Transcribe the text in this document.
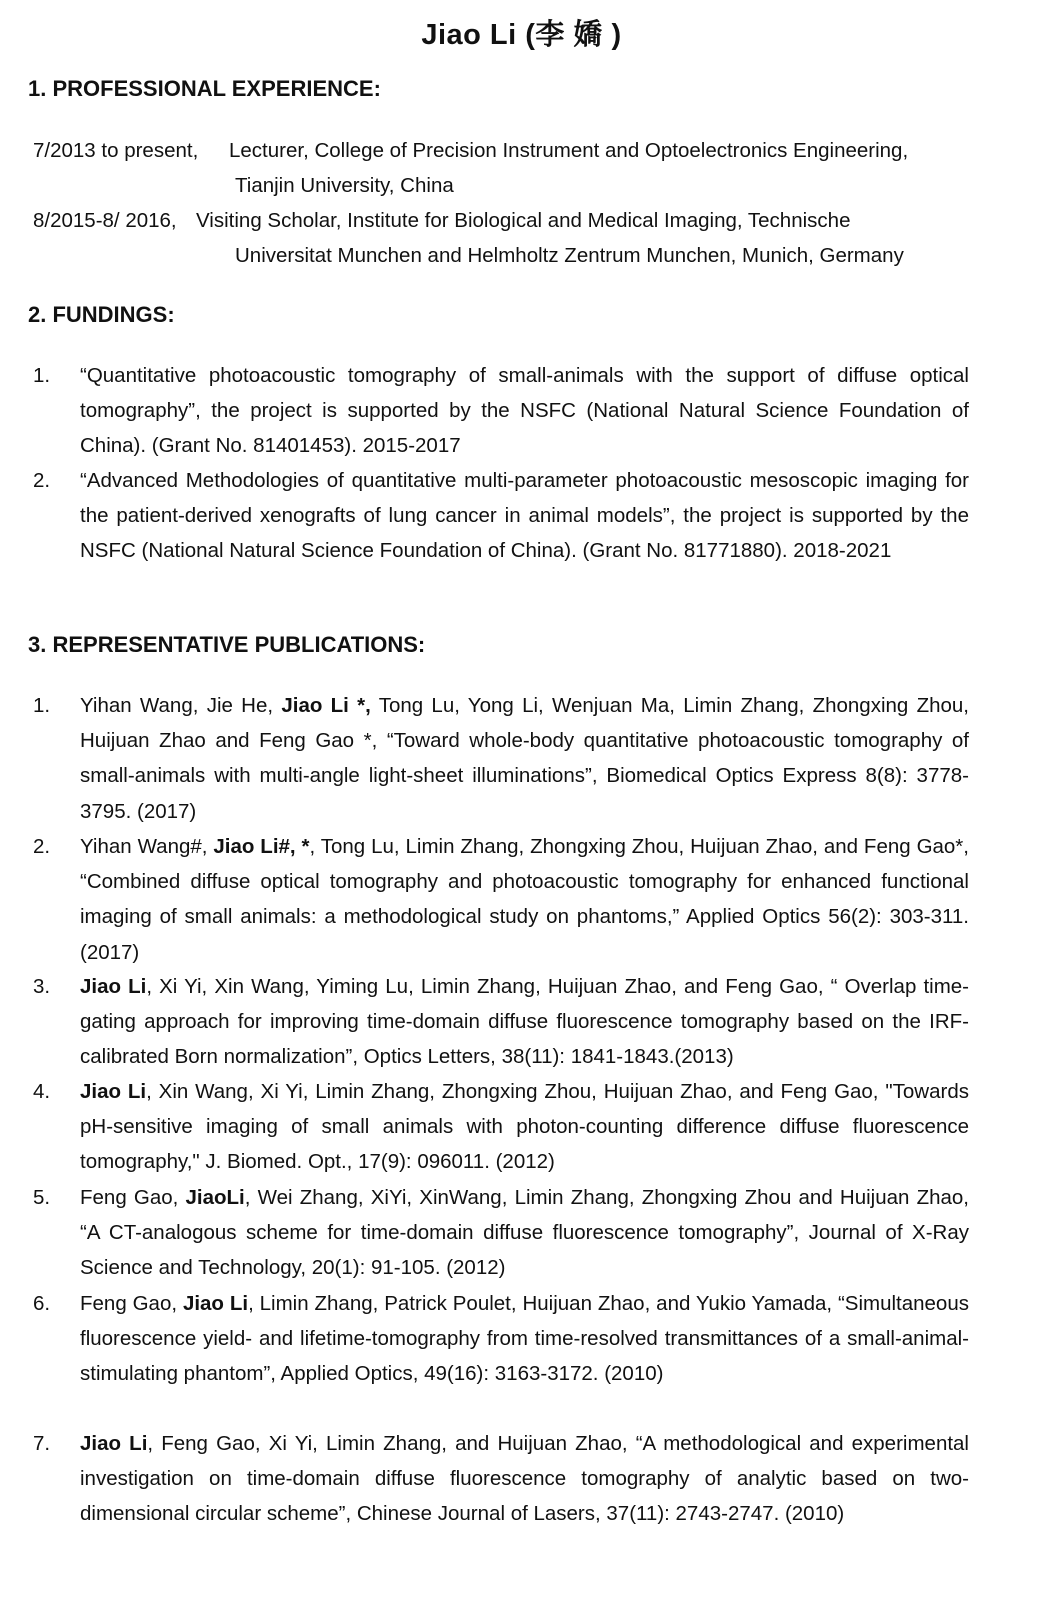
Jiao Li (李 嬌 )
1. PROFESSIONAL EXPERIENCE:
7/2013 to present, Lecturer, College of Precision Instrument and Optoelectronics Engineering,
Tianjin University, China
8/2015-8/ 2016, Visiting Scholar, Institute for Biological and Medical Imaging, Technische
Universitat Munchen and Helmholtz Zentrum Munchen, Munich, Germany
2. FUNDINGS:
1. “Quantitative photoacoustic tomography of small-animals with the support of diffuse optical tomography”, the project is supported by the NSFC (National Natural Science Foundation of China). (Grant No. 81401453). 2015-2017
2. “Advanced Methodologies of quantitative multi-parameter photoacoustic mesoscopic imaging for the patient-derived xenografts of lung cancer in animal models”, the project is supported by the NSFC (National Natural Science Foundation of China). (Grant No. 81771880). 2018-2021
3. REPRESENTATIVE PUBLICATIONS:
1. Yihan Wang, Jie He, Jiao Li *, Tong Lu, Yong Li, Wenjuan Ma, Limin Zhang, Zhongxing Zhou, Huijuan Zhao and Feng Gao *, “Toward whole-body quantitative photoacoustic tomography of small-animals with multi-angle light-sheet illuminations”, Biomedical Optics Express 8(8): 3778-3795. (2017)
2. Yihan Wang#, Jiao Li#, *, Tong Lu, Limin Zhang, Zhongxing Zhou, Huijuan Zhao, and Feng Gao*, “Combined diffuse optical tomography and photoacoustic tomography for enhanced functional imaging of small animals: a methodological study on phantoms,” Applied Optics 56(2): 303-311. (2017)
3. Jiao Li, Xi Yi, Xin Wang, Yiming Lu, Limin Zhang, Huijuan Zhao, and Feng Gao, “ Overlap time-gating approach for improving time-domain diffuse fluorescence tomography based on the IRF-calibrated Born normalization”, Optics Letters, 38(11): 1841-1843.(2013)
4. Jiao Li, Xin Wang, Xi Yi, Limin Zhang, Zhongxing Zhou, Huijuan Zhao, and Feng Gao, "Towards pH-sensitive imaging of small animals with photon-counting difference diffuse fluorescence tomography," J. Biomed. Opt., 17(9): 096011. (2012)
5. Feng Gao, JiaoLi, Wei Zhang, XiYi, XinWang, Limin Zhang, Zhongxing Zhou and Huijuan Zhao, “A CT-analogous scheme for time-domain diffuse fluorescence tomography”, Journal of X-Ray Science and Technology, 20(1): 91-105. (2012)
6. Feng Gao, Jiao Li, Limin Zhang, Patrick Poulet, Huijuan Zhao, and Yukio Yamada, “Simultaneous fluorescence yield- and lifetime-tomography from time-resolved transmittances of a small-animal-stimulating phantom”, Applied Optics, 49(16): 3163-3172. (2010)
7. Jiao Li, Feng Gao, Xi Yi, Limin Zhang, and Huijuan Zhao, “A methodological and experimental investigation on time-domain diffuse fluorescence tomography of analytic based on two-dimensional circular scheme”, Chinese Journal of Lasers, 37(11): 2743-2747. (2010)
